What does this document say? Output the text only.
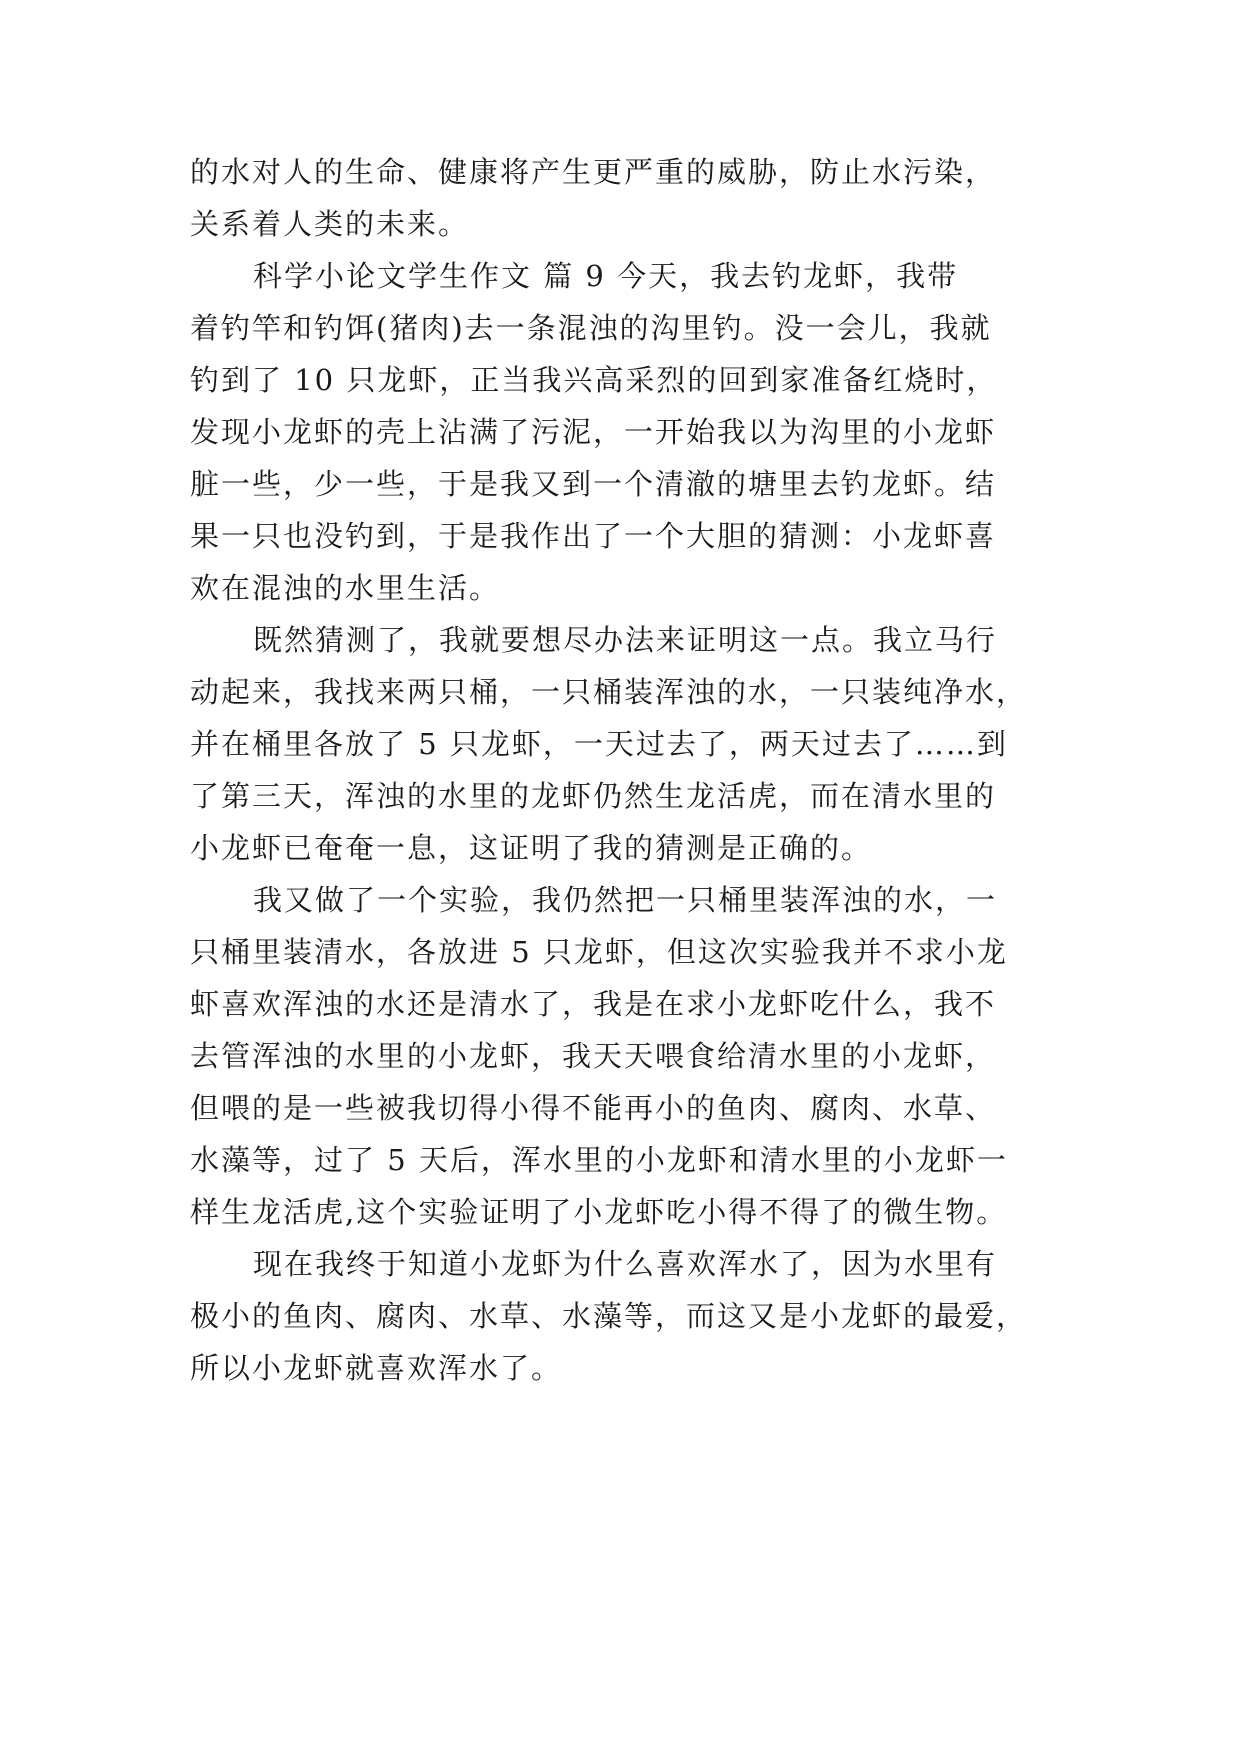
的水对人的生命、健康将产生更严重的威胁，防止水污染，
关系着人类的未来。
科学小论文学生作文 篇 9 今天，我去钓龙虾，我带
着钓竿和钓饵(猪肉)去一条混浊的沟里钓。没一会儿，我就
钓到了 10 只龙虾，正当我兴高采烈的回到家准备红烧时，
发现小龙虾的壳上沾满了污泥，一开始我以为沟里的小龙虾
脏一些，少一些，于是我又到一个清澈的塘里去钓龙虾。结
果一只也没钓到，于是我作出了一个大胆的猜测：小龙虾喜
欢在混浊的水里生活。
既然猜测了，我就要想尽办法来证明这一点。我立马行
动起来，我找来两只桶，一只桶装浑浊的水，一只装纯净水，
并在桶里各放了 5 只龙虾，一天过去了，两天过去了……到
了第三天，浑浊的水里的龙虾仍然生龙活虎，而在清水里的
小龙虾已奄奄一息，这证明了我的猜测是正确的。
我又做了一个实验，我仍然把一只桶里装浑浊的水，一
只桶里装清水，各放进 5 只龙虾，但这次实验我并不求小龙
虾喜欢浑浊的水还是清水了，我是在求小龙虾吃什么，我不
去管浑浊的水里的小龙虾，我天天喂食给清水里的小龙虾，
但喂的是一些被我切得小得不能再小的鱼肉、腐肉、水草、
水藻等，过了 5 天后，浑水里的小龙虾和清水里的小龙虾一
样生龙活虎,这个实验证明了小龙虾吃小得不得了的微生物。
现在我终于知道小龙虾为什么喜欢浑水了，因为水里有
极小的鱼肉、腐肉、水草、水藻等，而这又是小龙虾的最爱，
所以小龙虾就喜欢浑水了。
